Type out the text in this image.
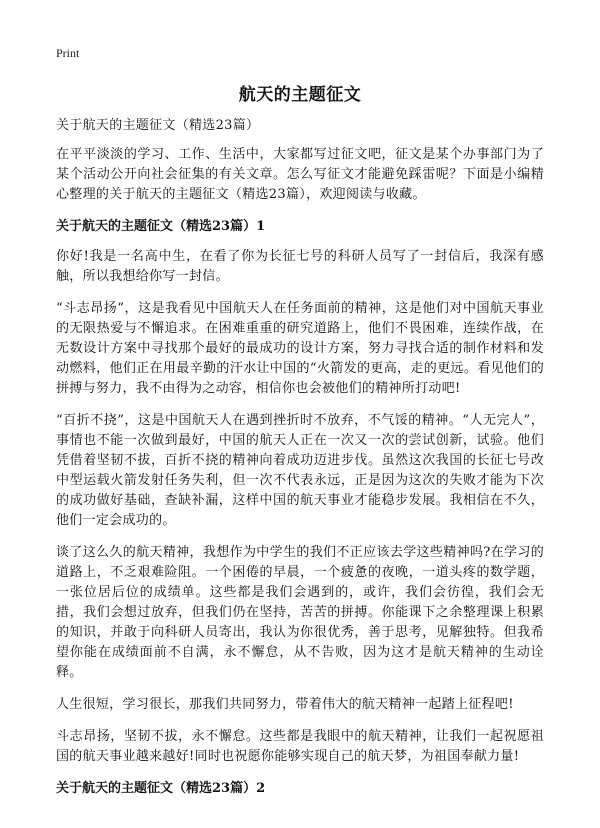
Print
航天的主题征文

关于航天的主题征文（精选23篇）

在平平淡淡的学习、工作、生活中，大家都写过征文吧，征文是某个办事部门为了某个活动公开向社会征集的有关文章。怎么写征文才能避免踩雷呢？下面是小编精心整理的关于航天的主题征文（精选23篇），欢迎阅读与收藏。

关于航天的主题征文（精选23篇）1

你好!我是一名高中生，在看了你为长征七号的科研人员写了一封信后，我深有感触，所以我想给你写一封信。

“斗志昂扬”，这是我看见中国航天人在任务面前的精神，这是他们对中国航天事业的无限热爱与不懈追求。在困难重重的研究道路上，他们不畏困难，连续作战，在无数设计方案中寻找那个最好的最成功的设计方案，努力寻找合适的制作材料和发动燃料，他们正在用最辛勤的汗水让中国的“火箭发的更高，走的更远。看见他们的拼搏与努力，我不由得为之动容，相信你也会被他们的精神所打动吧!

“百折不挠”，这是中国航天人在遇到挫折时不放弃，不气馁的精神。“人无完人”，事情也不能一次做到最好，中国的航天人正在一次又一次的尝试创新，试验。他们凭借着坚韧不拔，百折不挠的精神向着成功迈进步伐。虽然这次我国的长征七号改中型运载火箭发射任务失利，但一次不代表永远，正是因为这次的失败才能为下次的成功做好基础，查缺补漏，这样中国的航天事业才能稳步发展。我相信在不久，他们一定会成功的。

谈了这么久的航天精神，我想作为中学生的我们不正应该去学这些精神吗?在学习的道路上，不乏艰难险阻。一个困倦的早晨，一个疲惫的夜晚，一道头疼的数学题，一张位居后位的成绩单。这些都是我们会遇到的，或许，我们会彷徨，我们会无措，我们会想过放弃，但我们仍在坚持，苦苦的拼搏。你能课下之余整理课上积累的知识，并敢于向科研人员寄出，我认为你很优秀，善于思考，见解独特。但我希望你能在成绩面前不自满，永不懈怠，从不告败，因为这才是航天精神的生动诠释。

人生很短，学习很长，那我们共同努力，带着伟大的航天精神一起踏上征程吧!

斗志昂扬，坚韧不拔，永不懈怠。这些都是我眼中的航天精神，让我们一起祝愿祖国的航天事业越来越好!同时也祝愿你能够实现自己的航天梦，为祖国奉献力量!

关于航天的主题征文（精选23篇）2
